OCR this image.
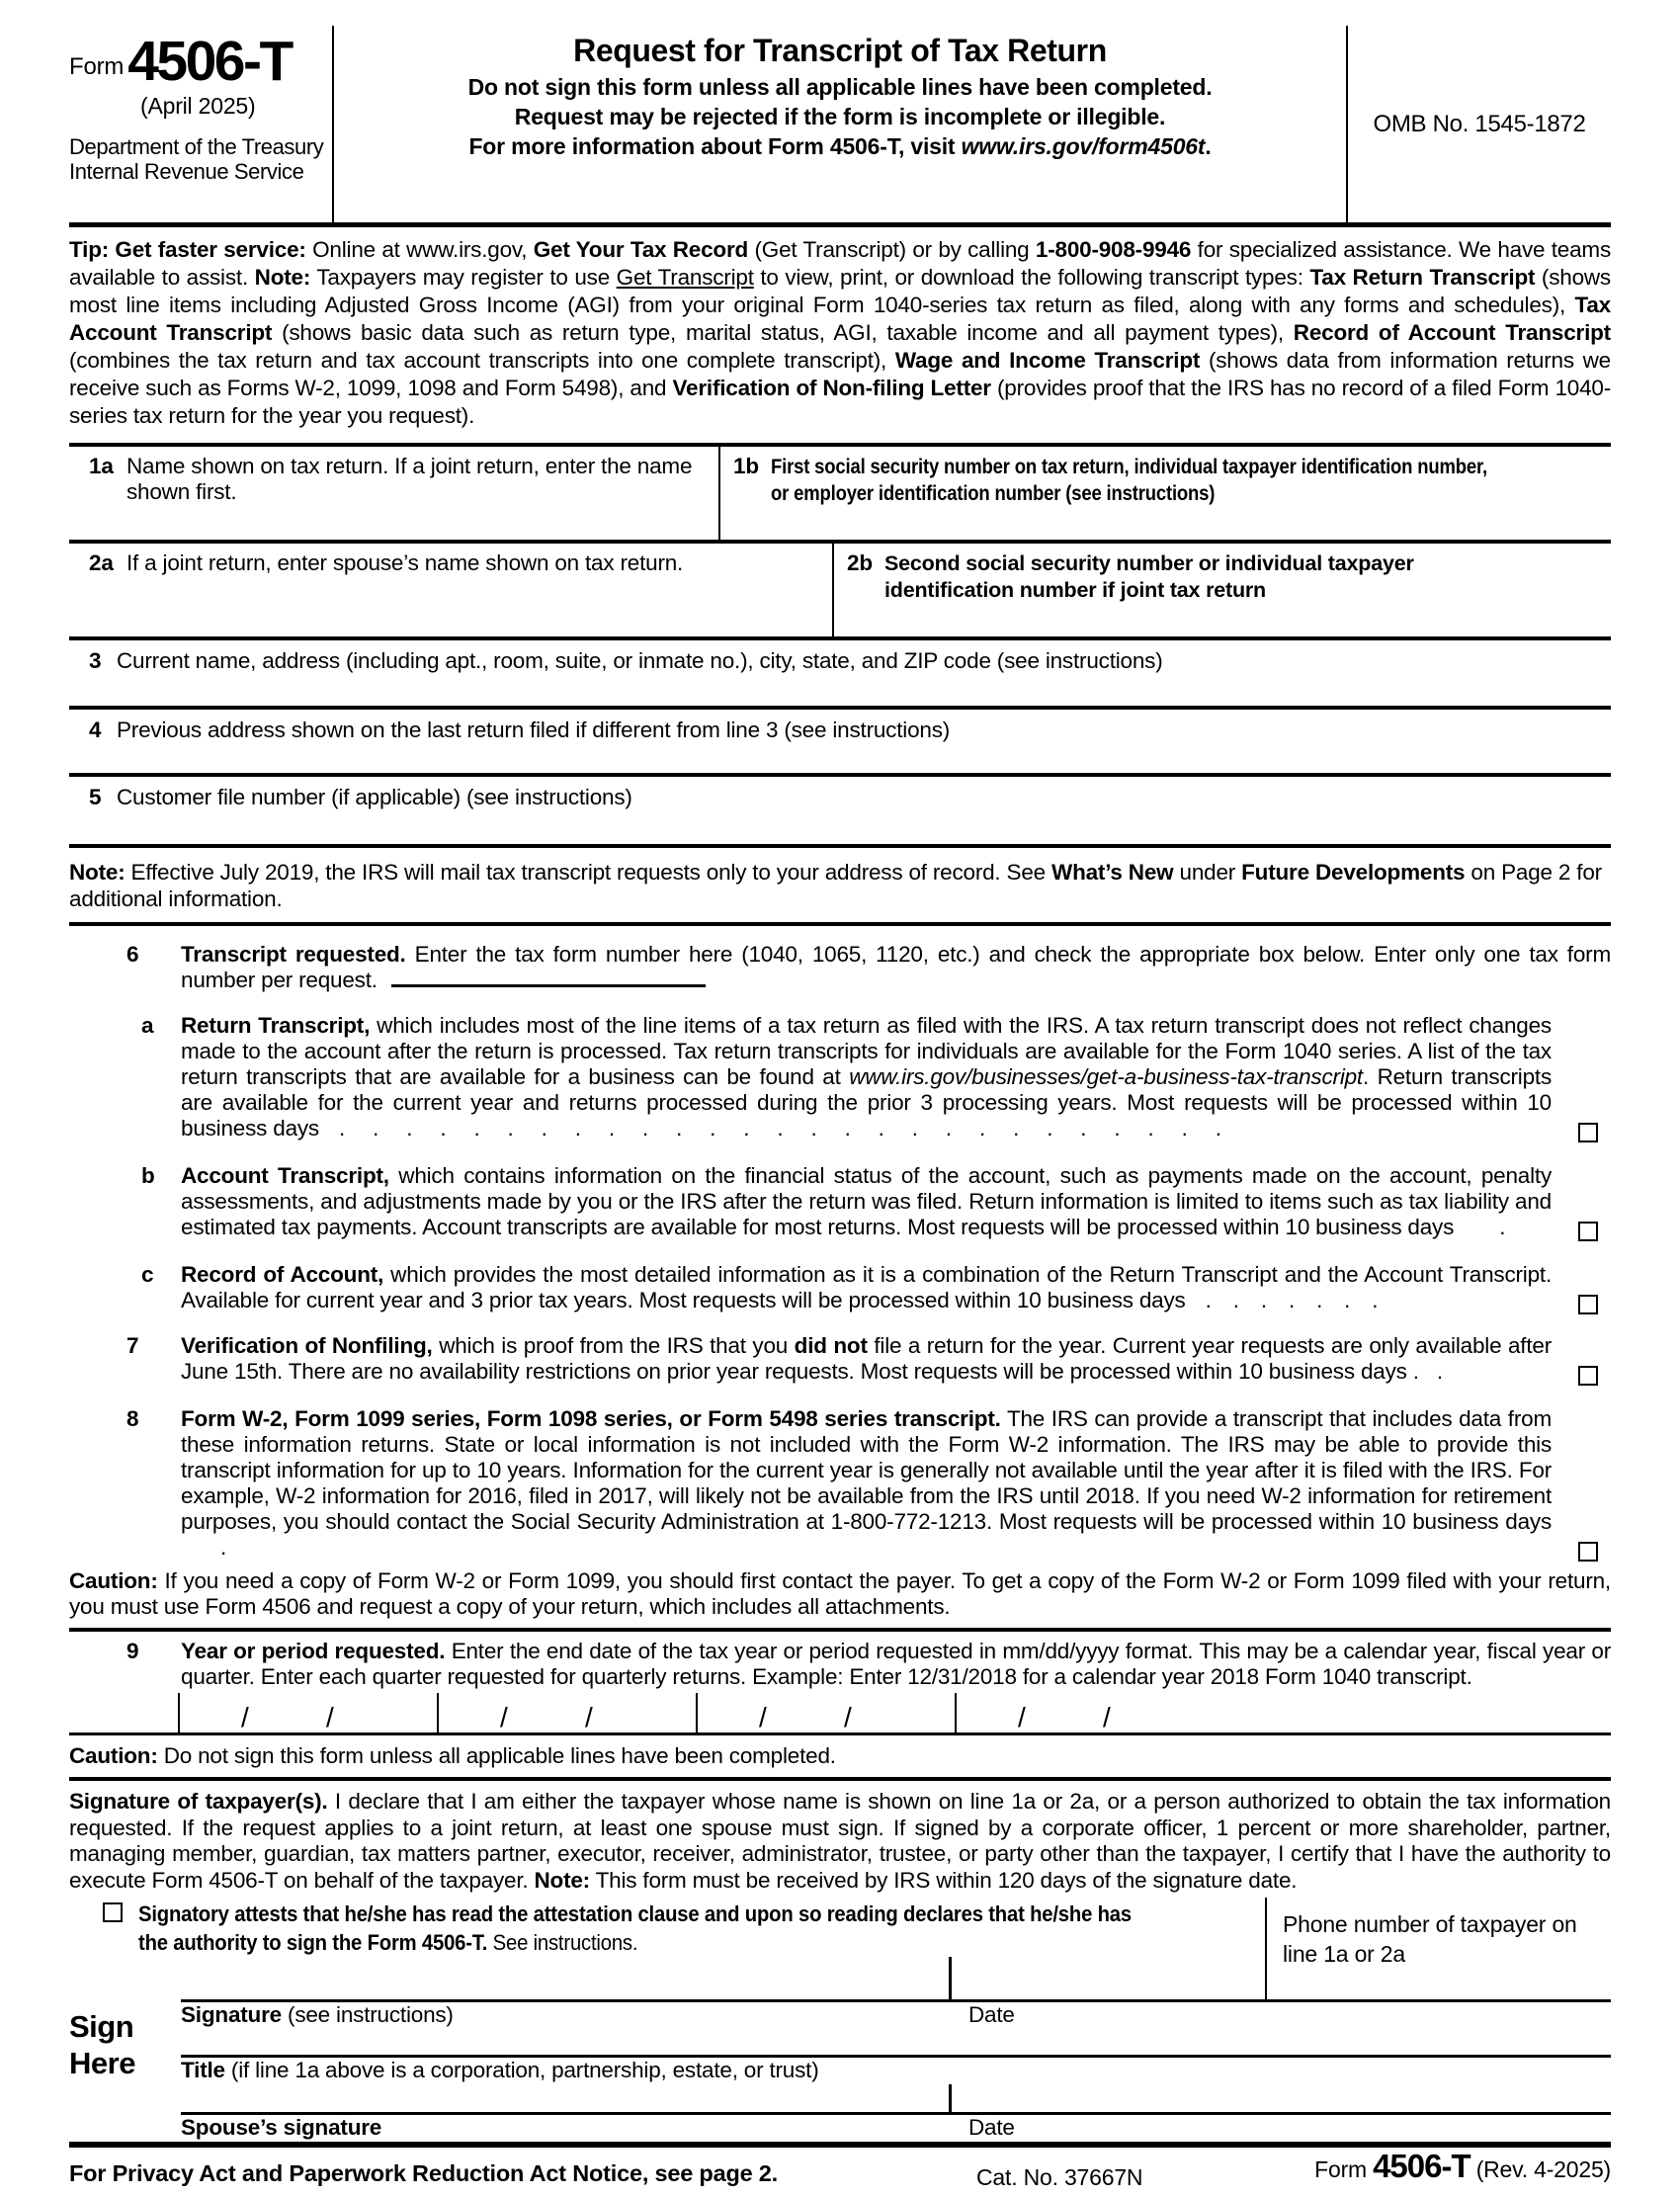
Form 4506-T
(April 2025)
Department of the Treasury
Internal Revenue Service
Request for Transcript of Tax Return
Do not sign this form unless all applicable lines have been completed.
Request may be rejected if the form is incomplete or illegible.
For more information about Form 4506-T, visit www.irs.gov/form4506t.
OMB No. 1545-1872

Tip: Get faster service: Online at www.irs.gov, Get Your Tax Record (Get Transcript) or by calling 1-800-908-9946 for specialized assistance. We have teams available to assist. Note: Taxpayers may register to use Get Transcript to view, print, or download the following transcript types: Tax Return Transcript (shows most line items including Adjusted Gross Income (AGI) from your original Form 1040-series tax return as filed, along with any forms and schedules), Tax Account Transcript (shows basic data such as return type, marital status, AGI, taxable income and all payment types), Record of Account Transcript (combines the tax return and tax account transcripts into one complete transcript), Wage and Income Transcript (shows data from information returns we receive such as Forms W-2, 1099, 1098 and Form 5498), and Verification of Non-filing Letter (provides proof that the IRS has no record of a filed Form 1040-series tax return for the year you request).

1a Name shown on tax return. If a joint return, enter the name shown first.
1b First social security number on tax return, individual taxpayer identification number, or employer identification number (see instructions)
2a If a joint return, enter spouse’s name shown on tax return.	2b Second social security number or individual taxpayer identification number if joint tax return
3 Current name, address (including apt., room, suite, or inmate no.), city, state, and ZIP code (see instructions)
4 Previous address shown on the last return filed if different from line 3 (see instructions)
5 Customer file number (if applicable) (see instructions)

Note: Effective July 2019, the IRS will mail tax transcript requests only to your address of record. See What’s New under Future Developments on Page 2 for additional information.

6 Transcript requested. Enter the tax form number here (1040, 1065, 1120, etc.) and check the appropriate box below. Enter only one tax form number per request.
a Return Transcript, which includes most of the line items of a tax return as filed with the IRS. A tax return transcript does not reflect changes made to the account after the return is processed. Tax return transcripts for individuals are available for the Form 1040 series. A list of the tax return transcripts that are available for a business can be found at www.irs.gov/businesses/get-a-business-tax-transcript. Return transcripts are available for the current year and returns processed during the prior 3 processing years. Most requests will be processed within 10 business days . . . . . . . . . . . . . . . . . . . . . . . . . . .
b Account Transcript, which contains information on the financial status of the account, such as payments made on the account, penalty assessments, and adjustments made by you or the IRS after the return was filed. Return information is limited to items such as tax liability and estimated tax payments. Account transcripts are available for most returns. Most requests will be processed within 10 business days .
c Record of Account, which provides the most detailed information as it is a combination of the Return Transcript and the Account Transcript. Available for current year and 3 prior tax years. Most requests will be processed within 10 business days . . . . . . .
7 Verification of Nonfiling, which is proof from the IRS that you did not file a return for the year. Current year requests are only available after June 15th. There are no availability restrictions on prior year requests. Most requests will be processed within 10 business days . .
8 Form W-2, Form 1099 series, Form 1098 series, or Form 5498 series transcript. The IRS can provide a transcript that includes data from these information returns. State or local information is not included with the Form W-2 information. The IRS may be able to provide this transcript information for up to 10 years. Information for the current year is generally not available until the year after it is filed with the IRS. For example, W-2 information for 2016, filed in 2017, will likely not be available from the IRS until 2018. If you need W-2 information for retirement purposes, you should contact the Social Security Administration at 1-800-772-1213. Most requests will be processed within 10 business days .

Caution: If you need a copy of Form W-2 or Form 1099, you should first contact the payer. To get a copy of the Form W-2 or Form 1099 filed with your return, you must use Form 4506 and request a copy of your return, which includes all attachments.

9 Year or period requested. Enter the end date of the tax year or period requested in mm/dd/yyyy format. This may be a calendar year, fiscal year or quarter. Enter each quarter requested for quarterly returns. Example: Enter 12/31/2018 for a calendar year 2018 Form 1040 transcript.
/	/	/	/	/	/	/	/

Caution: Do not sign this form unless all applicable lines have been completed.

Signature of taxpayer(s). I declare that I am either the taxpayer whose name is shown on line 1a or 2a, or a person authorized to obtain the tax information requested. If the request applies to a joint return, at least one spouse must sign. If signed by a corporate officer, 1 percent or more shareholder, partner, managing member, guardian, tax matters partner, executor, receiver, administrator, trustee, or party other than the taxpayer, I certify that I have the authority to execute Form 4506-T on behalf of the taxpayer. Note: This form must be received by IRS within 120 days of the signature date.

Signatory attests that he/she has read the attestation clause and upon so reading declares that he/she has the authority to sign the Form 4506-T. See instructions.
Phone number of taxpayer on line 1a or 2a
Signature (see instructions)	Date
Title (if line 1a above is a corporation, partnership, estate, or trust)
Spouse’s signature	Date
Sign Here
For Privacy Act and Paperwork Reduction Act Notice, see page 2.	Cat. No. 37667N	Form 4506-T (Rev. 4-2025)
